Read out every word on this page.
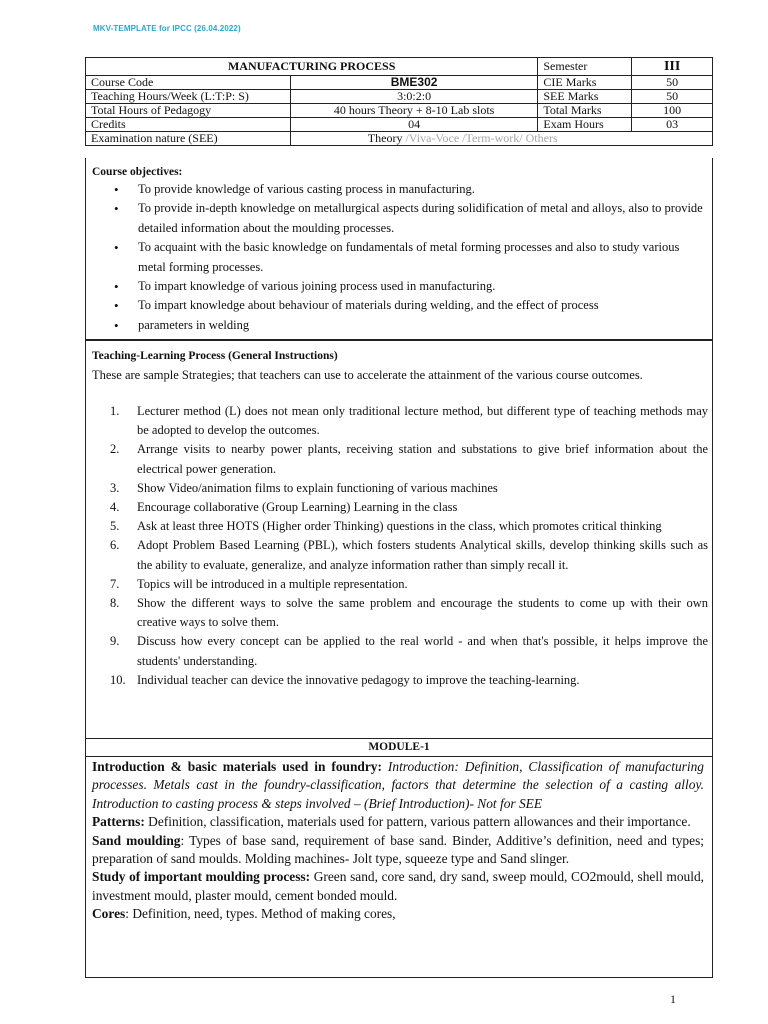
MKV-TEMPLATE for IPCC (26.04.2022)
MANUFACTURING PROCESS		Semester	III
Course Code	BME302	CIE Marks	50
Teaching Hours/Week (L:T:P: S)	3:0:2:0	SEE Marks	50
Total Hours of Pedagogy	40 hours Theory + 8-10 Lab slots	Total Marks	100
Credits	04	Exam Hours	03
Examination nature (SEE)	Theory /Viva-Voce /Term-work/ Others		
Course objectives:
• To provide knowledge of various casting process in manufacturing.
• To provide in-depth knowledge on metallurgical aspects during solidification of metal and alloys, also to provide detailed information about the moulding processes.
• To acquaint with the basic knowledge on fundamentals of metal forming processes and also to study various metal forming processes.
• To impart knowledge of various joining process used in manufacturing.
• To impart knowledge about behaviour of materials during welding, and the effect of process
• parameters in welding
Teaching-Learning Process (General Instructions)
These are sample Strategies; that teachers can use to accelerate the attainment of the various course outcomes.
1. Lecturer method (L) does not mean only traditional lecture method, but different type of teaching methods may be adopted to develop the outcomes.
2. Arrange visits to nearby power plants, receiving station and substations to give brief information about the electrical power generation.
3. Show Video/animation films to explain functioning of various machines
4. Encourage collaborative (Group Learning) Learning in the class
5. Ask at least three HOTS (Higher order Thinking) questions in the class, which promotes critical thinking
6. Adopt Problem Based Learning (PBL), which fosters students Analytical skills, develop thinking skills such as the ability to evaluate, generalize, and analyze information rather than simply recall it.
7. Topics will be introduced in a multiple representation.
8. Show the different ways to solve the same problem and encourage the students to come up with their own creative ways to solve them.
9. Discuss how every concept can be applied to the real world - and when that's possible, it helps improve the students' understanding.
10. Individual teacher can device the innovative pedagogy to improve the teaching-learning.
MODULE-1

Introduction & basic materials used in foundry: Introduction: Definition, Classification of manufacturing processes. Metals cast in the foundry-classification, factors that determine the selection of a casting alloy. Introduction to casting process & steps involved – (Brief Introduction)- Not for SEE

Patterns: Definition, classification, materials used for pattern, various pattern allowances and their importance.

Sand moulding: Types of base sand, requirement of base sand. Binder, Additive’s definition, need and types; preparation of sand moulds. Molding machines- Jolt type, squeeze type and Sand slinger.

Study of important moulding process: Green sand, core sand, dry sand, sweep mould, CO2mould, shell mould, investment mould, plaster mould, cement bonded mould.

Cores: Definition, need, types. Method of making cores,

1
